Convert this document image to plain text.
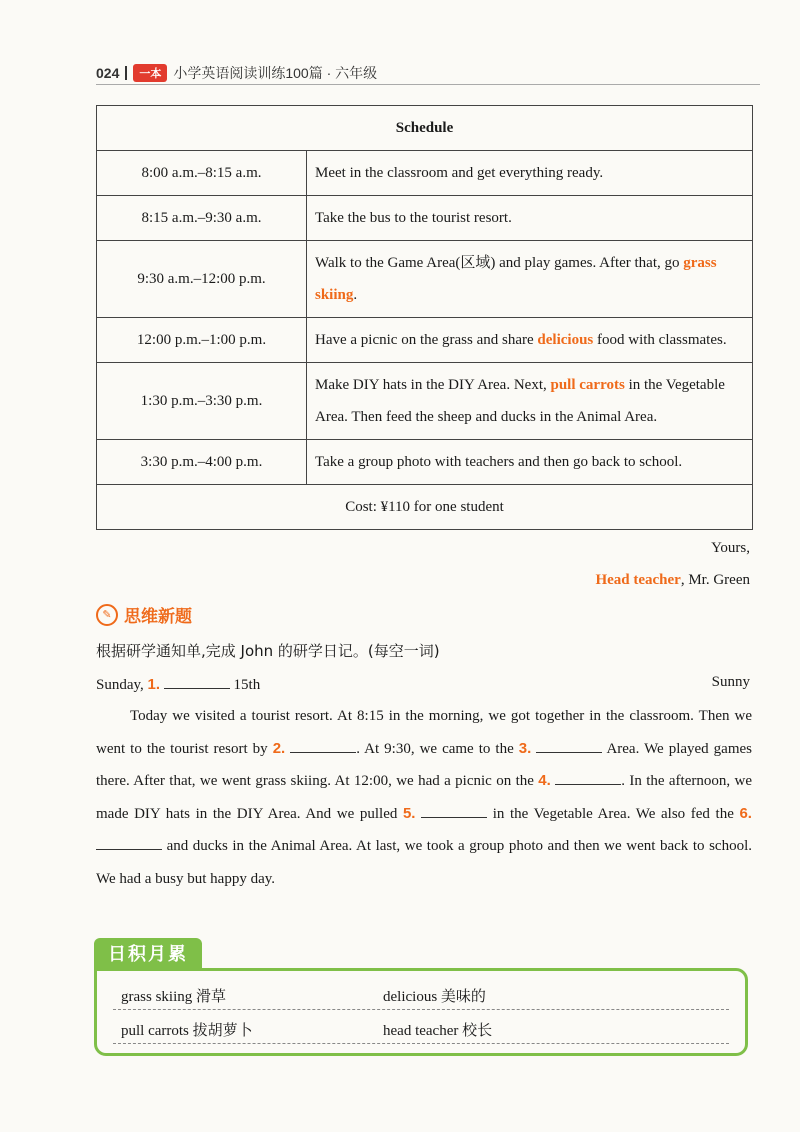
024	一本 小学英语阅读训练100篇 · 六年级
Schedule	
8:00 a.m.–8:15 a.m.	Meet in the classroom and get everything ready.
8:15 a.m.–9:30 a.m.	Take the bus to the tourist resort.
9:30 a.m.–12:00 p.m.	Walk to the Game Area(区域) and play games. After that, go grass skiing.
12:00 p.m.–1:00 p.m.	Have a picnic on the grass and share delicious food with classmates.
1:30 p.m.–3:30 p.m.	Make DIY hats in the DIY Area. Next, pull carrots in the Vegetable Area. Then feed the sheep and ducks in the Animal Area.
3:30 p.m.–4:00 p.m.	Take a group photo with teachers and then go back to school.
Cost: ¥110 for one student	
Yours,
Head teacher, Mr. Green
✎ 思维新题
根据研学通知单,完成 John 的研学日记。(每空一词)
Sunday, 1.	15th	Sunny

Today we visited a tourist resort. At 8:15 in the morning, we got together in the classroom. Then we went to the tourist resort by 2.	. At 9:30, we came to the 3.	Area. We played games there. After that, we went grass skiing. At 12:00, we had a picnic on the 4.	. In the afternoon, we made DIY hats in the DIY Area. And we pulled 5.	in the Vegetable Area. We also fed the 6.  and ducks in the Animal Area. At last, we took a group photo and then we went back to school. We had a busy but happy day.

日积月累
grass skiing 滑草	delicious 美味的
pull carrots 拔胡萝卜	head teacher 校长
